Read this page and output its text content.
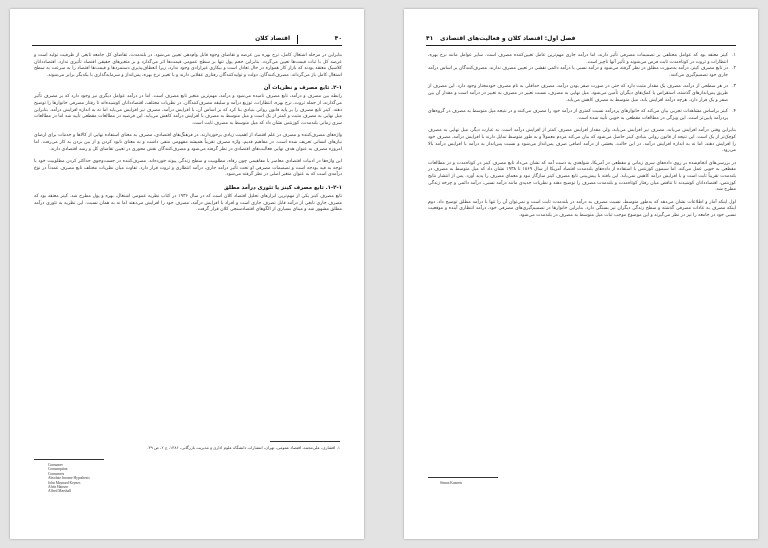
۴۰
اقتصاد کلان

بنابراین در مرحله اشتغال کامل، نرخ بهره بین عرضه و تقاضای وجوه قابل وام‌دهی تعیین می‌شود. در بلندمدت، تقاضای کل جامعه تابعی از ظرفیت تولید است و عرضه کل با ثبات قیمت‌ها تعیین می‌گردد. بنابراین حجم پول تنها بر سطح عمومی قیمت‌ها اثر می‌گذارد و بر متغیرهای حقیقی اقتصاد تأثیری ندارد. اقتصاددانان کلاسیک معتقد بودند که بازار کار همواره در حال تعادل است و بیکاری غیرارادی وجود ندارد، زیرا انعطاف‌پذیری دستمزدها و قیمت‌ها اقتصاد را به سرعت به سطح اشتغال کامل باز می‌گرداند. مصرف‌کنندگان، دولت و تولیدکنندگان رفتاری عقلایی دارند و با تغییر نرخ بهره، پس‌انداز و سرمایه‌گذاری با یکدیگر برابر می‌شوند.

۲-۱. تابع مصرف و نظریات آن

رابطه بین مصرف و درآمد، تابع مصرف نامیده می‌شود و درآمد، مهم‌ترین متغیر تابع مصرف است. اما در درآمد عوامل دیگری نیز وجود دارد که بر مصرف تأثیر می‌گذارند، از جمله ثروت، نرخ بهره، انتظارات، توزیع درآمد و سلیقه مصرف‌کنندگان. در نظریات مختلف، اقتصاددانان کوشیده‌اند تا رفتار مصرفی خانوارها را توضیح دهند. کینز تابع مصرف را بر پایه قانون روانی بنیادی بنا کرد که بر اساس آن، با افزایش درآمد، مصرف نیز افزایش می‌یابد اما نه به اندازه افزایش درآمد. بنابراین میل نهایی به مصرف مثبت و کمتر از یک است و میل متوسط به مصرف با افزایش درآمد کاهش می‌یابد. این فرضیه در مطالعات مقطعی تأیید شد اما در مطالعات سری زمانی بلندمدت، کوزنتس نشان داد که میل متوسط به مصرف ثابت است.

واژه‌های مصرف‌کننده و مصرف در علم اقتصاد از اهمیت زیادی برخوردارند. در فرهنگ‌های اقتصادی، مصرف به معنای استفاده نهایی از کالاها و خدمات برای ارضای نیازهای انسانی تعریف شده است. در مفاهیم قدیم، واژه مصرف تقریباً همیشه مفهومی منفی داشت و به معنای نابود کردن و از بین بردن به کار می‌رفت. اما امروزه مصرف به عنوان هدف نهایی فعالیت‌های اقتصادی در نظر گرفته می‌شود و مصرف‌کنندگان نقش محوری در تعیین تقاضای کل و رشد اقتصادی دارند.

این واژه‌ها در ادبیات اقتصادی معاصر با مفاهیمی چون رفاه، مطلوبیت و سطح زندگی پیوند خورده‌اند. مصرف‌کننده در جست‌وجوی حداکثر کردن مطلوبیت خود با توجه به قید بودجه است و تصمیمات مصرفی او تحت تأثیر درآمد جاری، درآمد انتظاری و ثروت قرار دارد. تفاوت میان نظریات مختلف تابع مصرف عمدتاً در نوع درآمدی است که به عنوان متغیر اصلی در نظر گرفته می‌شود.

۱-۲-۱. تابع مصرف کینز یا تئوری درآمد مطلق

تابع مصرف کینز یکی از مهم‌ترین ابزارهای تحلیل اقتصاد کلان است که در سال ۱۹۳۶ در کتاب نظریه عمومی اشتغال، بهره و پول مطرح شد. کینز معتقد بود که مصرف جاری تابعی از درآمد قابل تصرف جاری است و افراد با افزایش درآمد، مصرف خود را افزایش می‌دهند اما نه به همان نسبت. این نظریه به تئوری درآمد مطلق مشهور شد و مبنای بسیاری از الگوهای اقتصادسنجی کلان قرار گرفت.

۱. افشاری، علی‌محمد، اقتصاد عمومی، تهران، انتشارات دانشگاه علوم اداری و مدیریت بازرگانی، ۱۳۸۶، ج ۲، ص ۳۹.
Consumer
Consumption
Consumers
Absolute Income Hypothesis
John Maynard Keynes
Alvin Hansen
Alfred Marshall
۴۱ فصل اول: اقتصاد کلان و فعالیت‌های اقتصادی

۱.
کینز معتقد بود که عوامل مختلفی بر تصمیمات مصرفی تأثیر دارند، اما درآمد جاری مهم‌ترین عامل تعیین‌کننده مصرف است. سایر عوامل مانند نرخ بهره، انتظارات و ثروت در کوتاه‌مدت ثابت فرض می‌شوند و تأثیر آنها ناچیز است.

۲.
در تابع مصرف کینز، درآمد به‌صورت مطلق در نظر گرفته می‌شود و درآمد نسبی یا درآمد دائمی نقشی در تعیین مصرف ندارند. مصرف‌کنندگان بر اساس درآمد جاری خود تصمیم‌گیری می‌کنند.

۳.
در هر سطحی از درآمد، مصرف یک مقدار مثبت دارد که حتی در صورت صفر بودن درآمد، مصرف حداقلی به نام مصرف خودمختار وجود دارد. این مصرف از طریق پس‌اندازهای گذشته، استقراض یا کمک‌های دیگران تأمین می‌شود. میل نهایی به مصرف، نسبت تغییر در مصرف به تغییر در درآمد است و مقدار آن بین صفر و یک قرار دارد. هرچه درآمد افزایش یابد، میل متوسط به مصرف کاهش می‌یابد.

۴.
کینز براساس مشاهدات تجربی بیان می‌کند که خانوارهای پردرآمد نسبت کمتری از درآمد خود را مصرف می‌کنند و در نتیجه میل متوسط به مصرف در گروه‌های پردرآمد پایین‌تر است. این ویژگی در مطالعات مقطعی به خوبی تأیید شده است.

بنابراین وقتی درآمد افزایش می‌یابد، مصرف نیز افزایش می‌یابد، ولی مقدار افزایش مصرف کمتر از افزایش درآمد است. به عبارت دیگر، میل نهایی به مصرف کوچک‌تر از یک است. این نتیجه از قانون روانی بنیادی کینز حاصل می‌شود که بیان می‌کند مردم معمولاً و به طور متوسط تمایل دارند با افزایش درآمد، مصرف خود را افزایش دهند، اما نه به اندازه افزایش درآمد. در این حالت، بخشی از درآمد اضافی صرف پس‌انداز می‌شود و نسبت پس‌انداز به درآمد با افزایش درآمد بالا می‌رود.

در بررسی‌های انجام‌شده بر روی داده‌های سری زمانی و مقطعی در آمریکا، شواهدی به دست آمد که نشان می‌داد تابع مصرف کینز در کوتاه‌مدت و در مطالعات مقطعی به خوبی عمل می‌کند. اما سیمون کوزنتس با استفاده از داده‌های بلندمدت اقتصاد آمریکا از سال ۱۸۶۹ تا ۱۹۳۸ نشان داد که میل متوسط به مصرف در بلندمدت تقریباً ثابت است و با افزایش درآمد کاهش نمی‌یابد. این یافته با پیش‌بینی تابع مصرف کینز سازگار نبود و معمای مصرف را پدید آورد. پس از انتشار نتایج کوزنتس، اقتصاددانان کوشیدند تا تناقض میان رفتار کوتاه‌مدت و بلندمدت مصرف را توضیح دهند و نظریات جدیدی مانند درآمد نسبی، درآمد دائمی و چرخه زندگی مطرح شد.

اول اینکه آمار و اطلاعات نشان می‌دهد که به‌طور متوسط، نسبت مصرف به درآمد در بلندمدت ثابت است و نمی‌توان آن را تنها با درآمد مطلق توضیح داد. دوم اینکه مصرف به عادات مصرفی گذشته و سطح زندگی دیگران نیز بستگی دارد. بنابراین خانوارها در تصمیم‌گیری‌های مصرفی خود، درآمد انتظاری آینده و موقعیت نسبی خود در جامعه را نیز در نظر می‌گیرند و این موضوع موجب ثبات میل متوسط به مصرف در بلندمدت می‌شود.

Simon Kuznets
